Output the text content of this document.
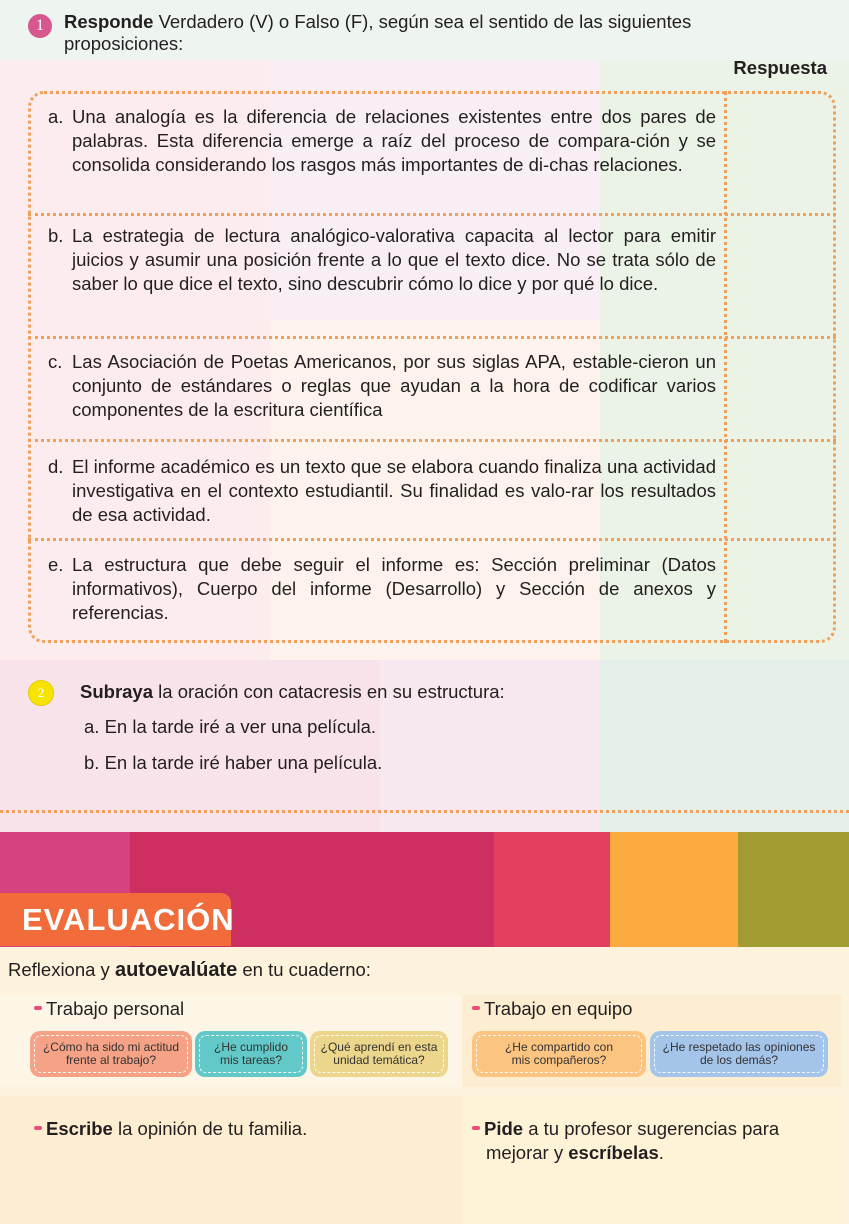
1	Responde Verdadero (V) o Falso (F), según sea el sentido de las siguientes proposiciones:
Respuesta
a. Una analogía es la diferencia de relaciones existentes entre dos pares de palabras. Esta diferencia emerge a raíz del proceso de compara-ción y se consolida considerando los rasgos más importantes de di-chas relaciones.
b. La estrategia de lectura analógico-valorativa capacita al lector para emitir juicios y asumir una posición frente a lo que el texto dice. No se trata sólo de saber lo que dice el texto, sino descubrir cómo lo dice y por qué lo dice.
c. Las Asociación de Poetas Americanos, por sus siglas APA, estable-cieron un conjunto de estándares o reglas que ayudan a la hora de codificar varios componentes de la escritura científica
d. El informe académico es un texto que se elabora cuando finaliza una actividad investigativa en el contexto estudiantil. Su finalidad es valo-rar los resultados de esa actividad.
e. La estructura que debe seguir el informe es: Sección preliminar (Datos informativos), Cuerpo del informe (Desarrollo) y Sección de anexos y referencias.
2	Subraya la oración con catacresis en su estructura:
a. En la tarde iré a ver una película.
b. En la tarde iré haber una película.
EVALUACIÓN
Reflexiona y autoevalúate en tu cuaderno:
Trabajo personal	Trabajo en equipo
¿Cómo ha sido mi actitud frente al trabajo?
¿He cumplido mis tareas?
¿Qué aprendí en esta unidad temática?
¿He compartido con mis compañeros?
¿He respetado las opiniones de los demás?
Escribe la opinión de tu familia.	Pide a tu profesor sugerencias para mejorar y escríbelas.
